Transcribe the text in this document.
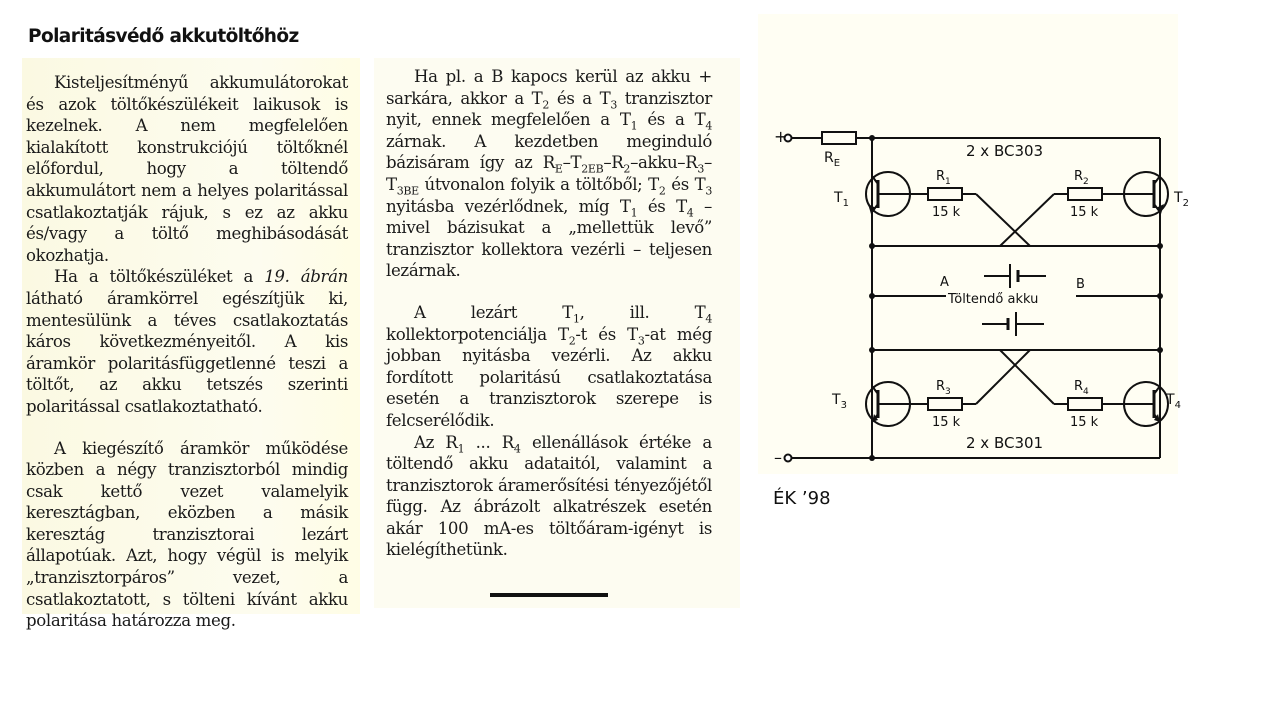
Polaritásvédő akkutöltőhöz

Kisteljesítményű akkumulátorokat és azok töltőkészülékeit laikusok is kezelnek. A nem megfelelően kialakított konstrukciójú töltőknél előfordul, hogy a töltendő akkumulátort nem a helyes polaritással csatlakoztatják rájuk, s ez az akku és/vagy a töltő meghibásodását okozhatja.

Ha a töltőkészüléket a 19. ábrán látható áramkörrel egészítjük ki, mentesülünk a téves csatlakoztatás káros következményeitől. A kis áramkör polaritásfüggetlenné teszi a töltőt, az akku tetszés szerinti polaritással csatlakoztatható.

A kiegészítő áramkör működése közben a négy tranzisztorból mindig csak kettő vezet valamelyik keresztágban, eközben a másik keresztág tranzisztorai lezárt állapotúak. Azt, hogy végül is melyik „tranzisztorpáros” vezet, a csatlakoztatott, s tölteni kívánt akku polaritása határozza meg.

Ha pl. a B kapocs kerül az akku + sarkára, akkor a $T_2$ és a $T_3$ tranzisztor nyit, ennek megfelelően a $T_1$ és a $T_4$ zárnak. A kezdetben meginduló bázisáram így az $R_E-T_{2EB}-R_2-akku-R_3-T_{3BE}$ útvonalon folyik a töltőből; $T_2$ és $T_3$ nyitásba vezérlődnek, míg $T_1$ és $T_4$ – mivel bázisukat a „mellettük levő” tranzisztor kollektora vezérli – teljesen lezárnak.

A lezárt $T_1$, ill. $T_4$ kollektorpotenciálja $T_2-t$ és $T_3-at$ még jobban nyitásba vezérli. Az akku fordított polaritású csatlakoztatása esetén a tranzisztorok szerepe is felcserélődik.

Az $R_1$ ... $R_4$ ellenállások értéke a töltendő akku adataitól, valamint a tranzisztorok áramerősítési tényezőjétől függ. Az ábrázolt alkatrészek esetén akár 100 mA-es töltőáram-igényt is kielégíthetünk.

+
–
$R_E$
2 x BC303
2 x BC301
$T_1$	$T_2$
$T_3$	$T_4$
$R_1$
15 k
$R_2$
15 k
$R_3$
15 k
$R_4$
15 k
A	B
Töltendő akku
ÉK ’98
